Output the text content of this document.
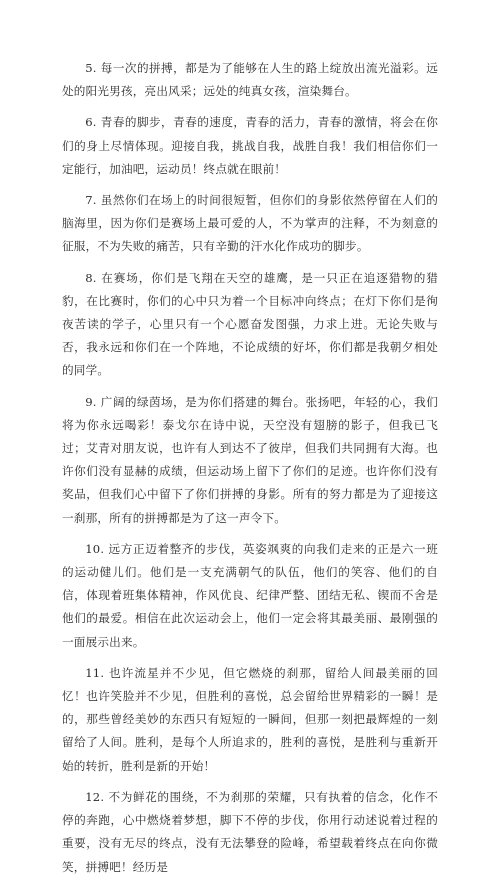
5. 每一次的拼搏，都是为了能够在人生的路上绽放出流光溢彩。远处的阳光男孩，亮出风采；远处的纯真女孩，渲染舞台。

6. 青春的脚步，青春的速度，青春的活力，青春的激情，将会在你们的身上尽情体现。迎接自我，挑战自我，战胜自我！我们相信你们一定能行，加油吧，运动员！终点就在眼前！

7. 虽然你们在场上的时间很短暂，但你们的身影依然停留在人们的脑海里，因为你们是赛场上最可爱的人，不为掌声的注释，不为刻意的征服，不为失败的痛苦，只有辛勤的汗水化作成功的脚步。

8. 在赛场，你们是飞翔在天空的雄鹰，是一只正在追逐猎物的猎豹，在比赛时，你们的心中只为着一个目标冲向终点；在灯下你们是徇夜苦读的学子，心里只有一个心愿奋发图强，力求上进。无论失败与否，我永远和你们在一个阵地，不论成绩的好坏，你们都是我朝夕相处的同学。

9. 广阔的绿茵场，是为你们搭建的舞台。张扬吧，年轻的心，我们将为你永远喝彩！泰戈尔在诗中说，天空没有翅膀的影子，但我已飞过；艾青对朋友说，也许有人到达不了彼岸，但我们共同拥有大海。也许你们没有显赫的成绩，但运动场上留下了你们的足迹。也许你们没有奖品，但我们心中留下了你们拼搏的身影。所有的努力都是为了迎接这一刹那，所有的拼搏都是为了这一声令下。

10. 远方正迈着整齐的步伐，英姿飒爽的向我们走来的正是六一班的运动健儿们。他们是一支充满朝气的队伍，他们的笑容、他们的自信，体现着班集体精神，作风优良、纪律严整、团结无私、锲而不舍是他们的最爱。相信在此次运动会上，他们一定会将其最美丽、最刚强的一面展示出来。

11. 也许流星并不少见，但它燃烧的刹那，留给人间最美丽的回忆！也许笑脸并不少见，但胜利的喜悦，总会留给世界精彩的一瞬！是的，那些曾经美妙的东西只有短短的一瞬间，但那一刻把最辉煌的一刻留给了人间。胜利，是每个人所追求的，胜利的喜悦，是胜利与重新开始的转折，胜利是新的开始！

12. 不为鲜花的围绕，不为刹那的荣耀，只有执着的信念，化作不停的奔跑，心中燃烧着梦想，脚下不停的步伐，你用行动述说着过程的重要，没有无尽的终点，没有无法攀登的险峰，希望载着终点在向你微笑，拼搏吧！经历是
